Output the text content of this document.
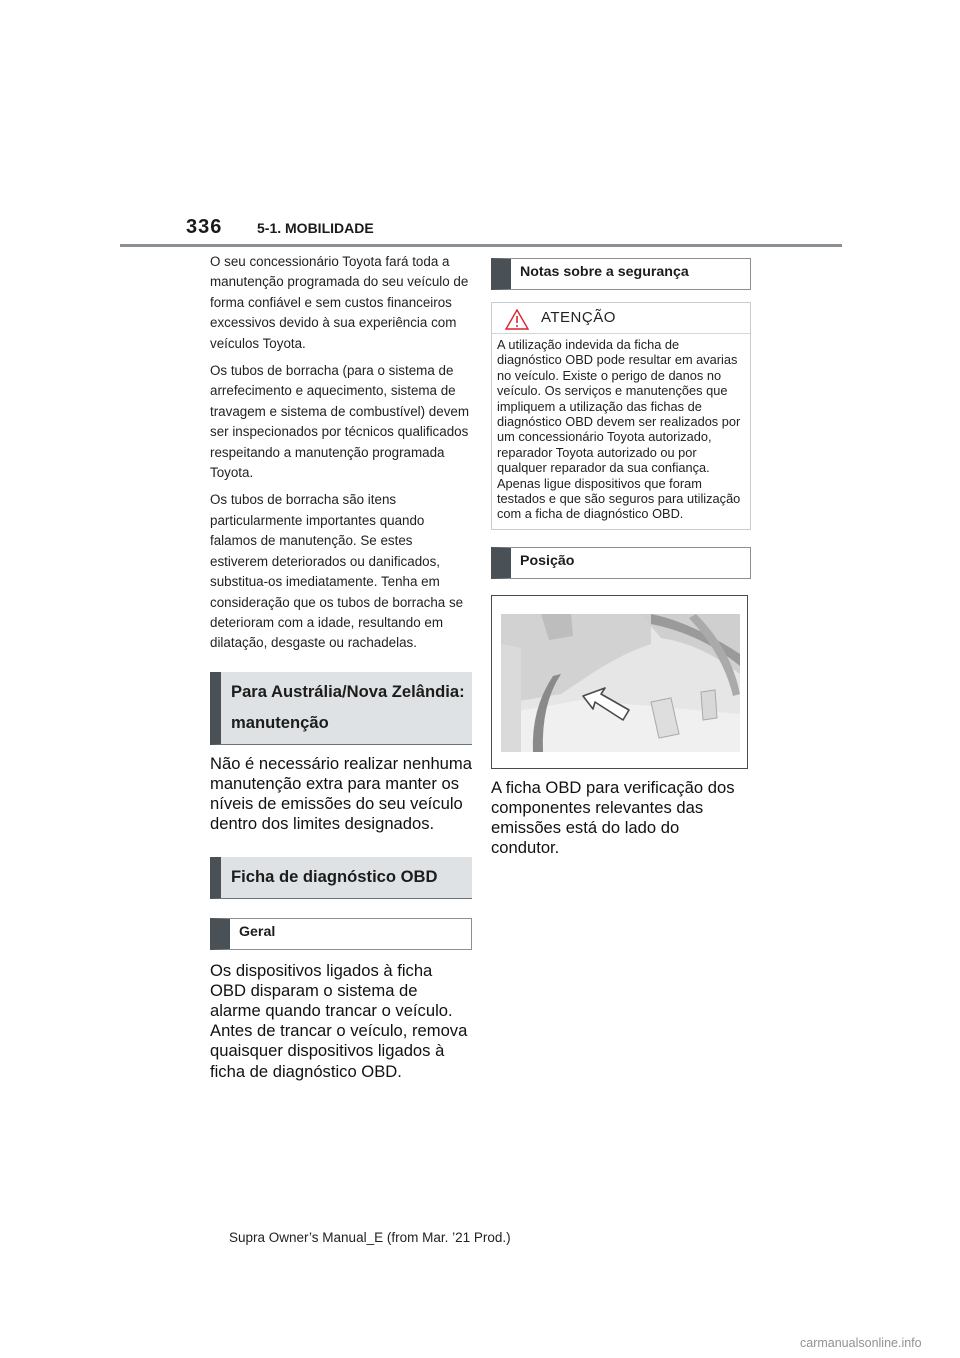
336 5-1. MOBILIDADE

O seu concessionário Toyota fará toda a manutenção programada do seu veículo de forma confiável e sem custos financeiros excessivos devido à sua experiência com veículos Toyota.

Os tubos de borracha (para o sistema de arrefecimento e aquecimento, sistema de travagem e sistema de combustível) devem ser inspecionados por técnicos qualificados respeitando a manutenção programada Toyota.

Os tubos de borracha são itens particularmente importantes quando falamos de manutenção. Se estes estiverem deteriorados ou danificados, substitua-os imediatamente. Tenha em consideração que os tubos de borracha se deterioram com a idade, resultando em dilatação, desgaste ou rachadelas.

Para Austrália/Nova Zelândia: manutenção

Não é necessário realizar nenhuma manutenção extra para manter os níveis de emissões do seu veículo dentro dos limites designados.

Ficha de diagnóstico OBD
Geral

Os dispositivos ligados à ficha OBD disparam o sistema de alarme quando trancar o veículo.

Antes de trancar o veículo, remova quaisquer dispositivos ligados à ficha de diagnóstico OBD.

Notas sobre a segurança
ATENÇÃO

A utilização indevida da ficha de diagnóstico OBD pode resultar em avarias no veículo. Existe o perigo de danos no veículo. Os serviços e manutenções que impliquem a utilização das fichas de diagnóstico OBD devem ser realizados por um concessionário Toyota autorizado, reparador Toyota autorizado ou por qualquer reparador da sua confiança. Apenas ligue dispositivos que foram testados e que são seguros para utilização com a ficha de diagnóstico OBD.

Posição

A ficha OBD para verificação dos componentes relevantes das emissões está do lado do condutor.

Supra Owner’s Manual_E (from Mar. ’21 Prod.)
carmanualsonline.info
